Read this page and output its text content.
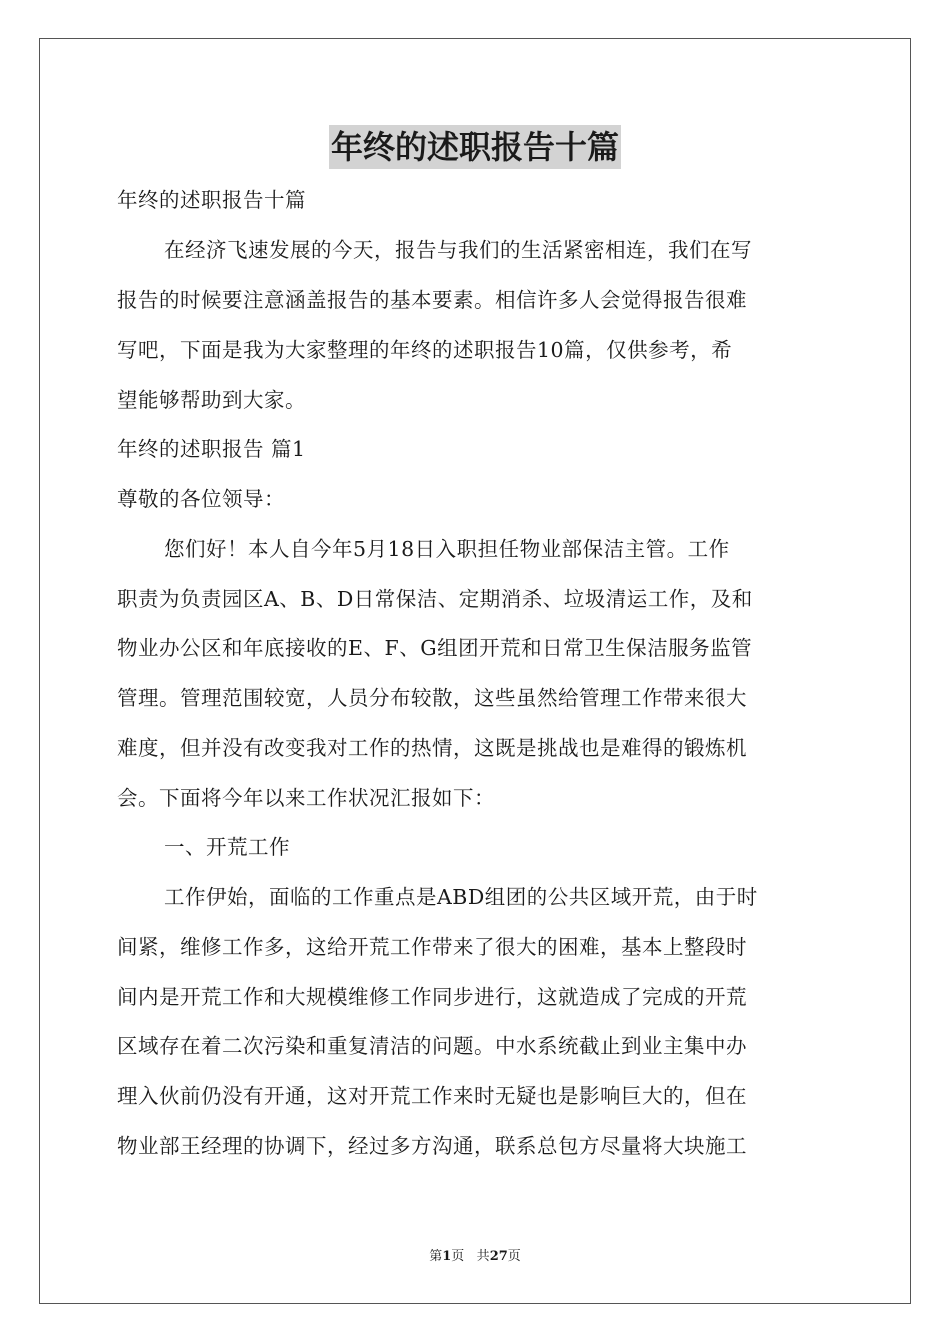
年终的述职报告十篇
年终的述职报告十篇
在经济飞速发展的今天，报告与我们的生活紧密相连，我们在写
报告的时候要注意涵盖报告的基本要素。相信许多人会觉得报告很难
写吧，下面是我为大家整理的年终的述职报告10篇，仅供参考，希
望能够帮助到大家。
年终的述职报告 篇1
尊敬的各位领导：
您们好！本人自今年5月18日入职担任物业部保洁主管。工作
职责为负责园区A、B、D日常保洁、定期消杀、垃圾清运工作，及和
物业办公区和年底接收的E、F、G组团开荒和日常卫生保洁服务监管
管理。管理范围较宽，人员分布较散，这些虽然给管理工作带来很大
难度，但并没有改变我对工作的热情，这既是挑战也是难得的锻炼机
会。下面将今年以来工作状况汇报如下：
一、开荒工作
工作伊始，面临的工作重点是ABD组团的公共区域开荒，由于时
间紧，维修工作多，这给开荒工作带来了很大的困难，基本上整段时
间内是开荒工作和大规模维修工作同步进行，这就造成了完成的开荒
区域存在着二次污染和重复清洁的问题。中水系统截止到业主集中办
理入伙前仍没有开通，这对开荒工作来时无疑也是影响巨大的，但在
物业部王经理的协调下，经过多方沟通，联系总包方尽量将大块施工
第1页 共27页
